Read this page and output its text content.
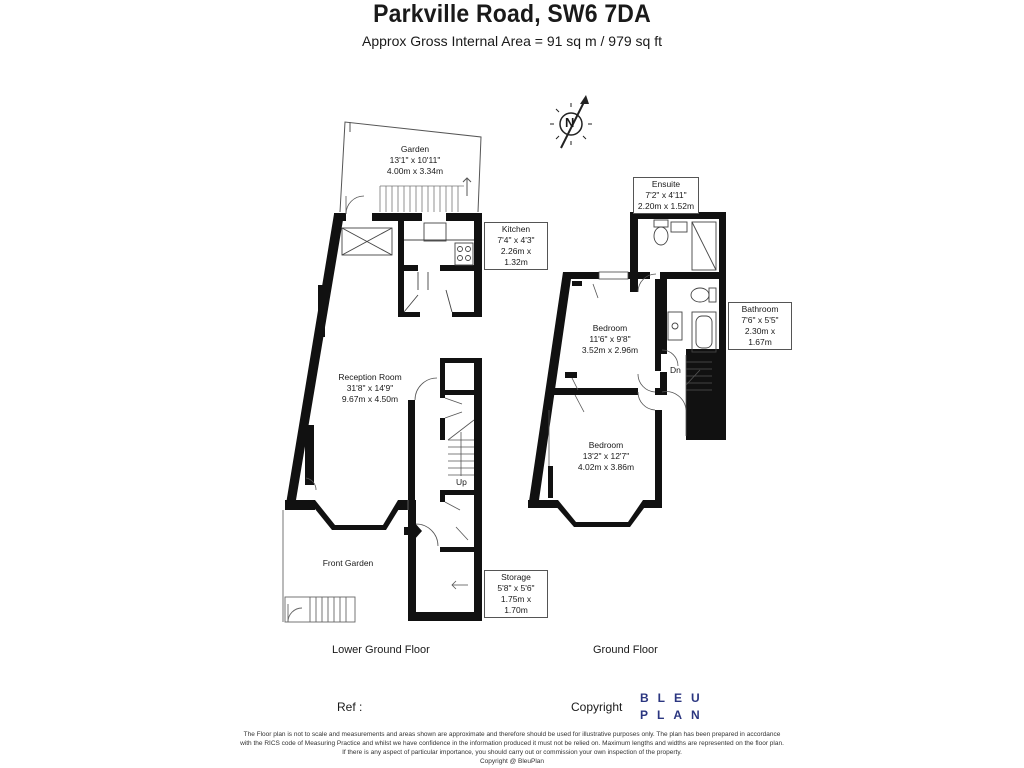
Parkville Road, SW6 7DA
Approx Gross Internal Area = 91 sq m / 979 sq ft
Garden
13'1" x 10'11"
4.00m x 3.34m
Kitchen
7'4" x 4'3"
2.26m x 1.32m
Reception Room
31'8" x 14'9"
9.67m x 4.50m
Up
Front Garden
Storage
5'8" x 5'6"
1.75m x 1.70m
Lower Ground Floor
Ensuite
7'2" x 4'11"
2.20m x 1.52m
Bathroom
7'6" x 5'5"
2.30m x 1.67m
Bedroom
11'6" x 9'8"
3.52m x 2.96m
Dn
Bedroom
13'2" x 12'7"
4.02m x 3.86m
Ground Floor
Ref :	Copyright
BLEU
PLAN
The Floor plan is not to scale and measurements and areas shown are approximate and therefore should be used for illustrative purposes only. The plan has been prepared in accordance
with the RICS code of Measuring Practice and whilst we have confidence in the information produced it must not be relied on. Maximum lengths and widths are represented on the floor plan.
If there is any aspect of particular importance, you should carry out or commission your own inspection of the property.
Copyright @ BleuPlan
N
